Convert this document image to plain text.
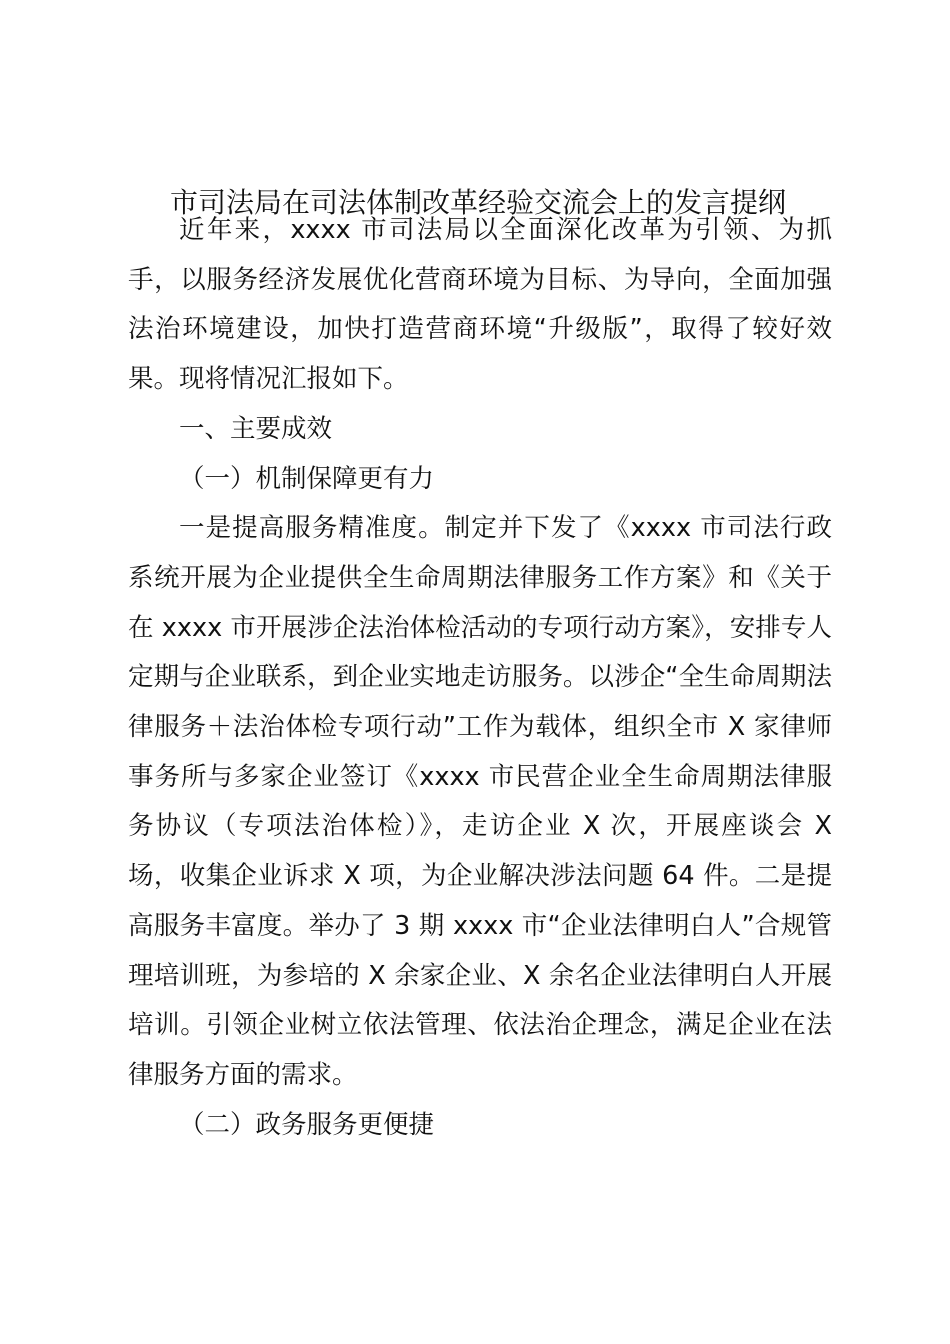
市司法局在司法体制改革经验交流会上的发言提纲

近年来，xxxx 市司法局以全面深化改革为引领、为抓手，以服务经济发展优化营商环境为目标、为导向，全面加强法治环境建设，加快打造营商环境“升级版”，取得了较好效果。现将情况汇报如下。

一、主要成效

（一）机制保障更有力

一是提高服务精准度。制定并下发了《xxxx 市司法行政系统开展为企业提供全生命周期法律服务工作方案》和《关于在 xxxx 市开展涉企法治体检活动的专项行动方案》，安排专人定期与企业联系，到企业实地走访服务。以涉企“全生命周期法律服务＋法治体检专项行动”工作为载体，组织全市 X 家律师事务所与多家企业签订《xxxx 市民营企业全生命周期法律服务协议（专项法治体检）》，走访企业 X 次，开展座谈会 X 场，收集企业诉求 X 项，为企业解决涉法问题 64 件。二是提高服务丰富度。举办了 3 期 xxxx 市“企业法律明白人”合规管理培训班，为参培的 X 余家企业、X 余名企业法律明白人开展培训。引领企业树立依法管理、依法治企理念，满足企业在法律服务方面的需求。

（二）政务服务更便捷
